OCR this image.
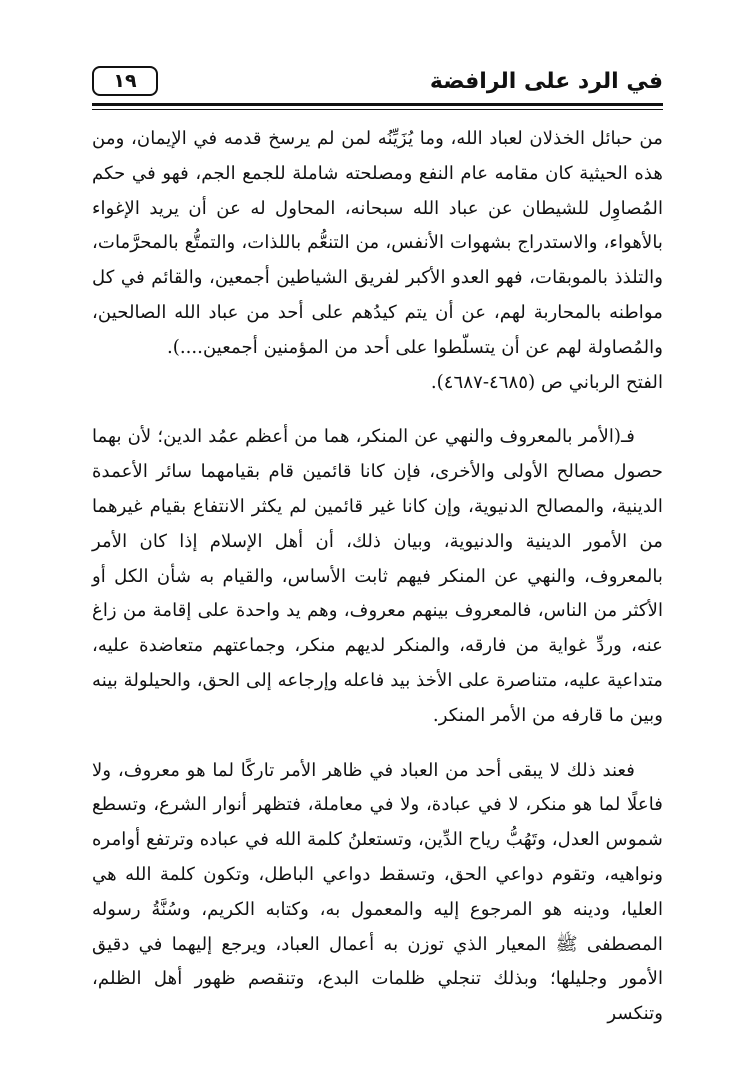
في الرد على الرافضة
١٩

من حبائل الخذلان لعباد الله، وما يُزَيِّنُه لمن لم يرسخ قدمه في الإيمان، ومن هذه الحيثية كان مقامه عام النفع ومصلحته شاملة للجمع الجم، فهو في حكم المُصاوِل للشيطان عن عباد الله سبحانه، المحاول له عن أن يريد الإغواء بالأهواء، والاستدراج بشهوات الأنفس، من التنعُّم باللذات، والتمتُّع بالمحرَّمات، والتلذذ بالموبقات، فهو العدو الأكبر لفريق الشياطين أجمعين، والقائم في كل مواطنه بالمحاربة لهم، عن أن يتم كيدُهم على أحد من عباد الله الصالحين، والمُصاولة لهم عن أن يتسلّطوا على أحد من المؤمنين أجمعين....).

الفتح الرباني ص (٤٦٨٥-٤٦٨٧).

فـ(الأمر بالمعروف والنهي عن المنكر، هما من أعظم عمُد الدين؛ لأن بهما حصول مصالح الأولى والأخرى، فإن كانا قائمين قام بقيامهما سائر الأعمدة الدينية، والمصالح الدنيوية، وإن كانا غير قائمين لم يكثر الانتفاع بقيام غيرهما من الأمور الدينية والدنيوية، وبيان ذلك، أن أهل الإسلام إذا كان الأمر بالمعروف، والنهي عن المنكر فيهم ثابت الأساس، والقيام به شأن الكل أو الأكثر من الناس، فالمعروف بينهم معروف، وهم يد واحدة على إقامة من زاغ عنه، وردِّ غواية من فارقه، والمنكر لديهم منكر، وجماعتهم متعاضدة عليه، متداعية عليه، متناصرة على الأخذ بيد فاعله وإرجاعه إلى الحق، والحيلولة بينه وبين ما قارفه من الأمر المنكر.

فعند ذلك لا يبقى أحد من العباد في ظاهر الأمر تاركًا لما هو معروف، ولا فاعلًا لما هو منكر، لا في عبادة، ولا في معاملة، فتظهر أنوار الشرع، وتسطع شموس العدل، وتَهُبُّ رياح الدِّين، وتستعلنُ كلمة الله في عباده وترتفع أوامره ونواهيه، وتقوم دواعي الحق، وتسقط دواعي الباطل، وتكون كلمة الله هي العليا، ودينه هو المرجوع إليه والمعمول به، وكتابه الكريم، وسُنَّةُ رسوله المصطفى ﷺ المعيار الذي توزن به أعمال العباد، ويرجع إليهما في دقيق الأمور وجليلها؛ وبذلك تنجلي ظلمات البدع، وتنقصم ظهور أهل الظلم، وتنكسر
